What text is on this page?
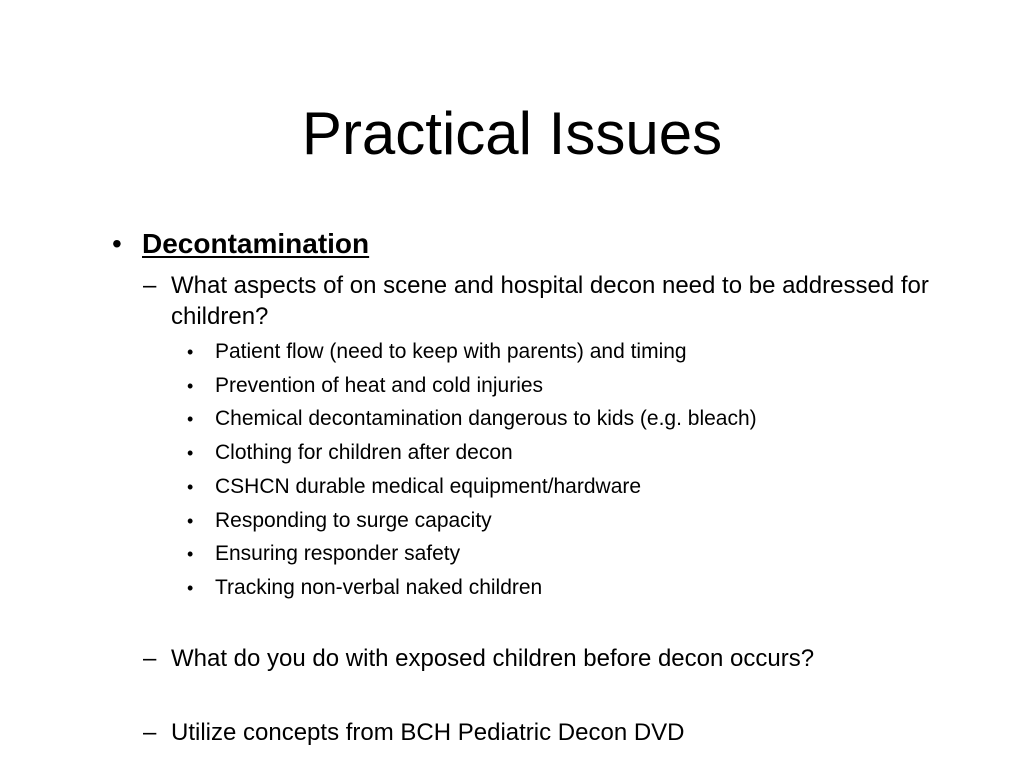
Practical Issues
• Decontamination
– What aspects of on scene and hospital decon need to be addressed for children?
•	Patient flow (need to keep with parents) and timing
•	Prevention of heat and cold injuries
•	Chemical decontamination dangerous to kids (e.g. bleach)
•	Clothing for children after decon
•	CSHCN durable medical equipment/hardware
•	Responding to surge capacity
•	Ensuring responder safety
•	Tracking non-verbal naked children
– What do you do with exposed children before decon occurs?
– Utilize concepts from BCH Pediatric Decon DVD
